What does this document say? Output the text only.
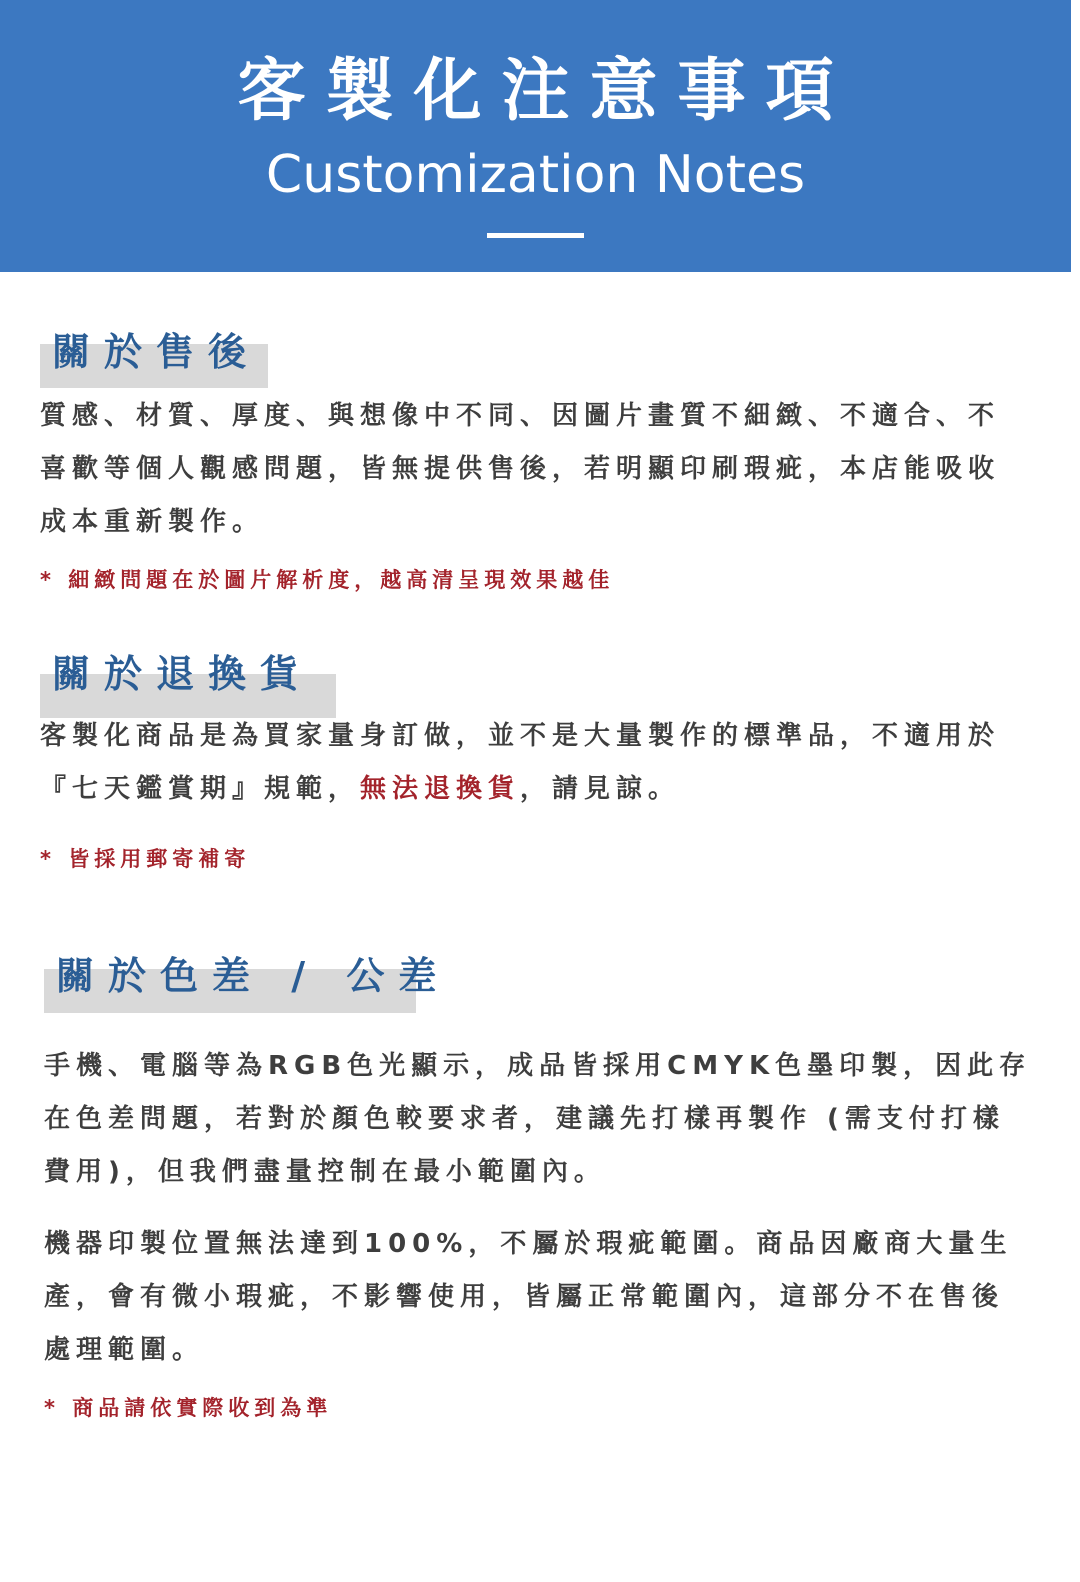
客製化注意事項
Customization Notes
關於售後
質感、材質、厚度、與想像中不同、因圖片畫質不細緻、不適合、不喜歡等個人觀感問題，皆無提供售後，若明顯印刷瑕疵，本店能吸收成本重新製作。
* 細緻問題在於圖片解析度，越高清呈現效果越佳
關於退換貨
客製化商品是為買家量身訂做，並不是大量製作的標準品，不適用於『七天鑑賞期』規範，無法退換貨，請見諒。
* 皆採用郵寄補寄
關於色差 / 公差
手機、電腦等為RGB色光顯示，成品皆採用CMYK色墨印製，因此存在色差問題，若對於顏色較要求者，建議先打樣再製作 (需支付打樣費用)，但我們盡量控制在最小範圍內。
機器印製位置無法達到100%，不屬於瑕疵範圍。商品因廠商大量生產，會有微小瑕疵，不影響使用，皆屬正常範圍內，這部分不在售後處理範圍。
* 商品請依實際收到為準
